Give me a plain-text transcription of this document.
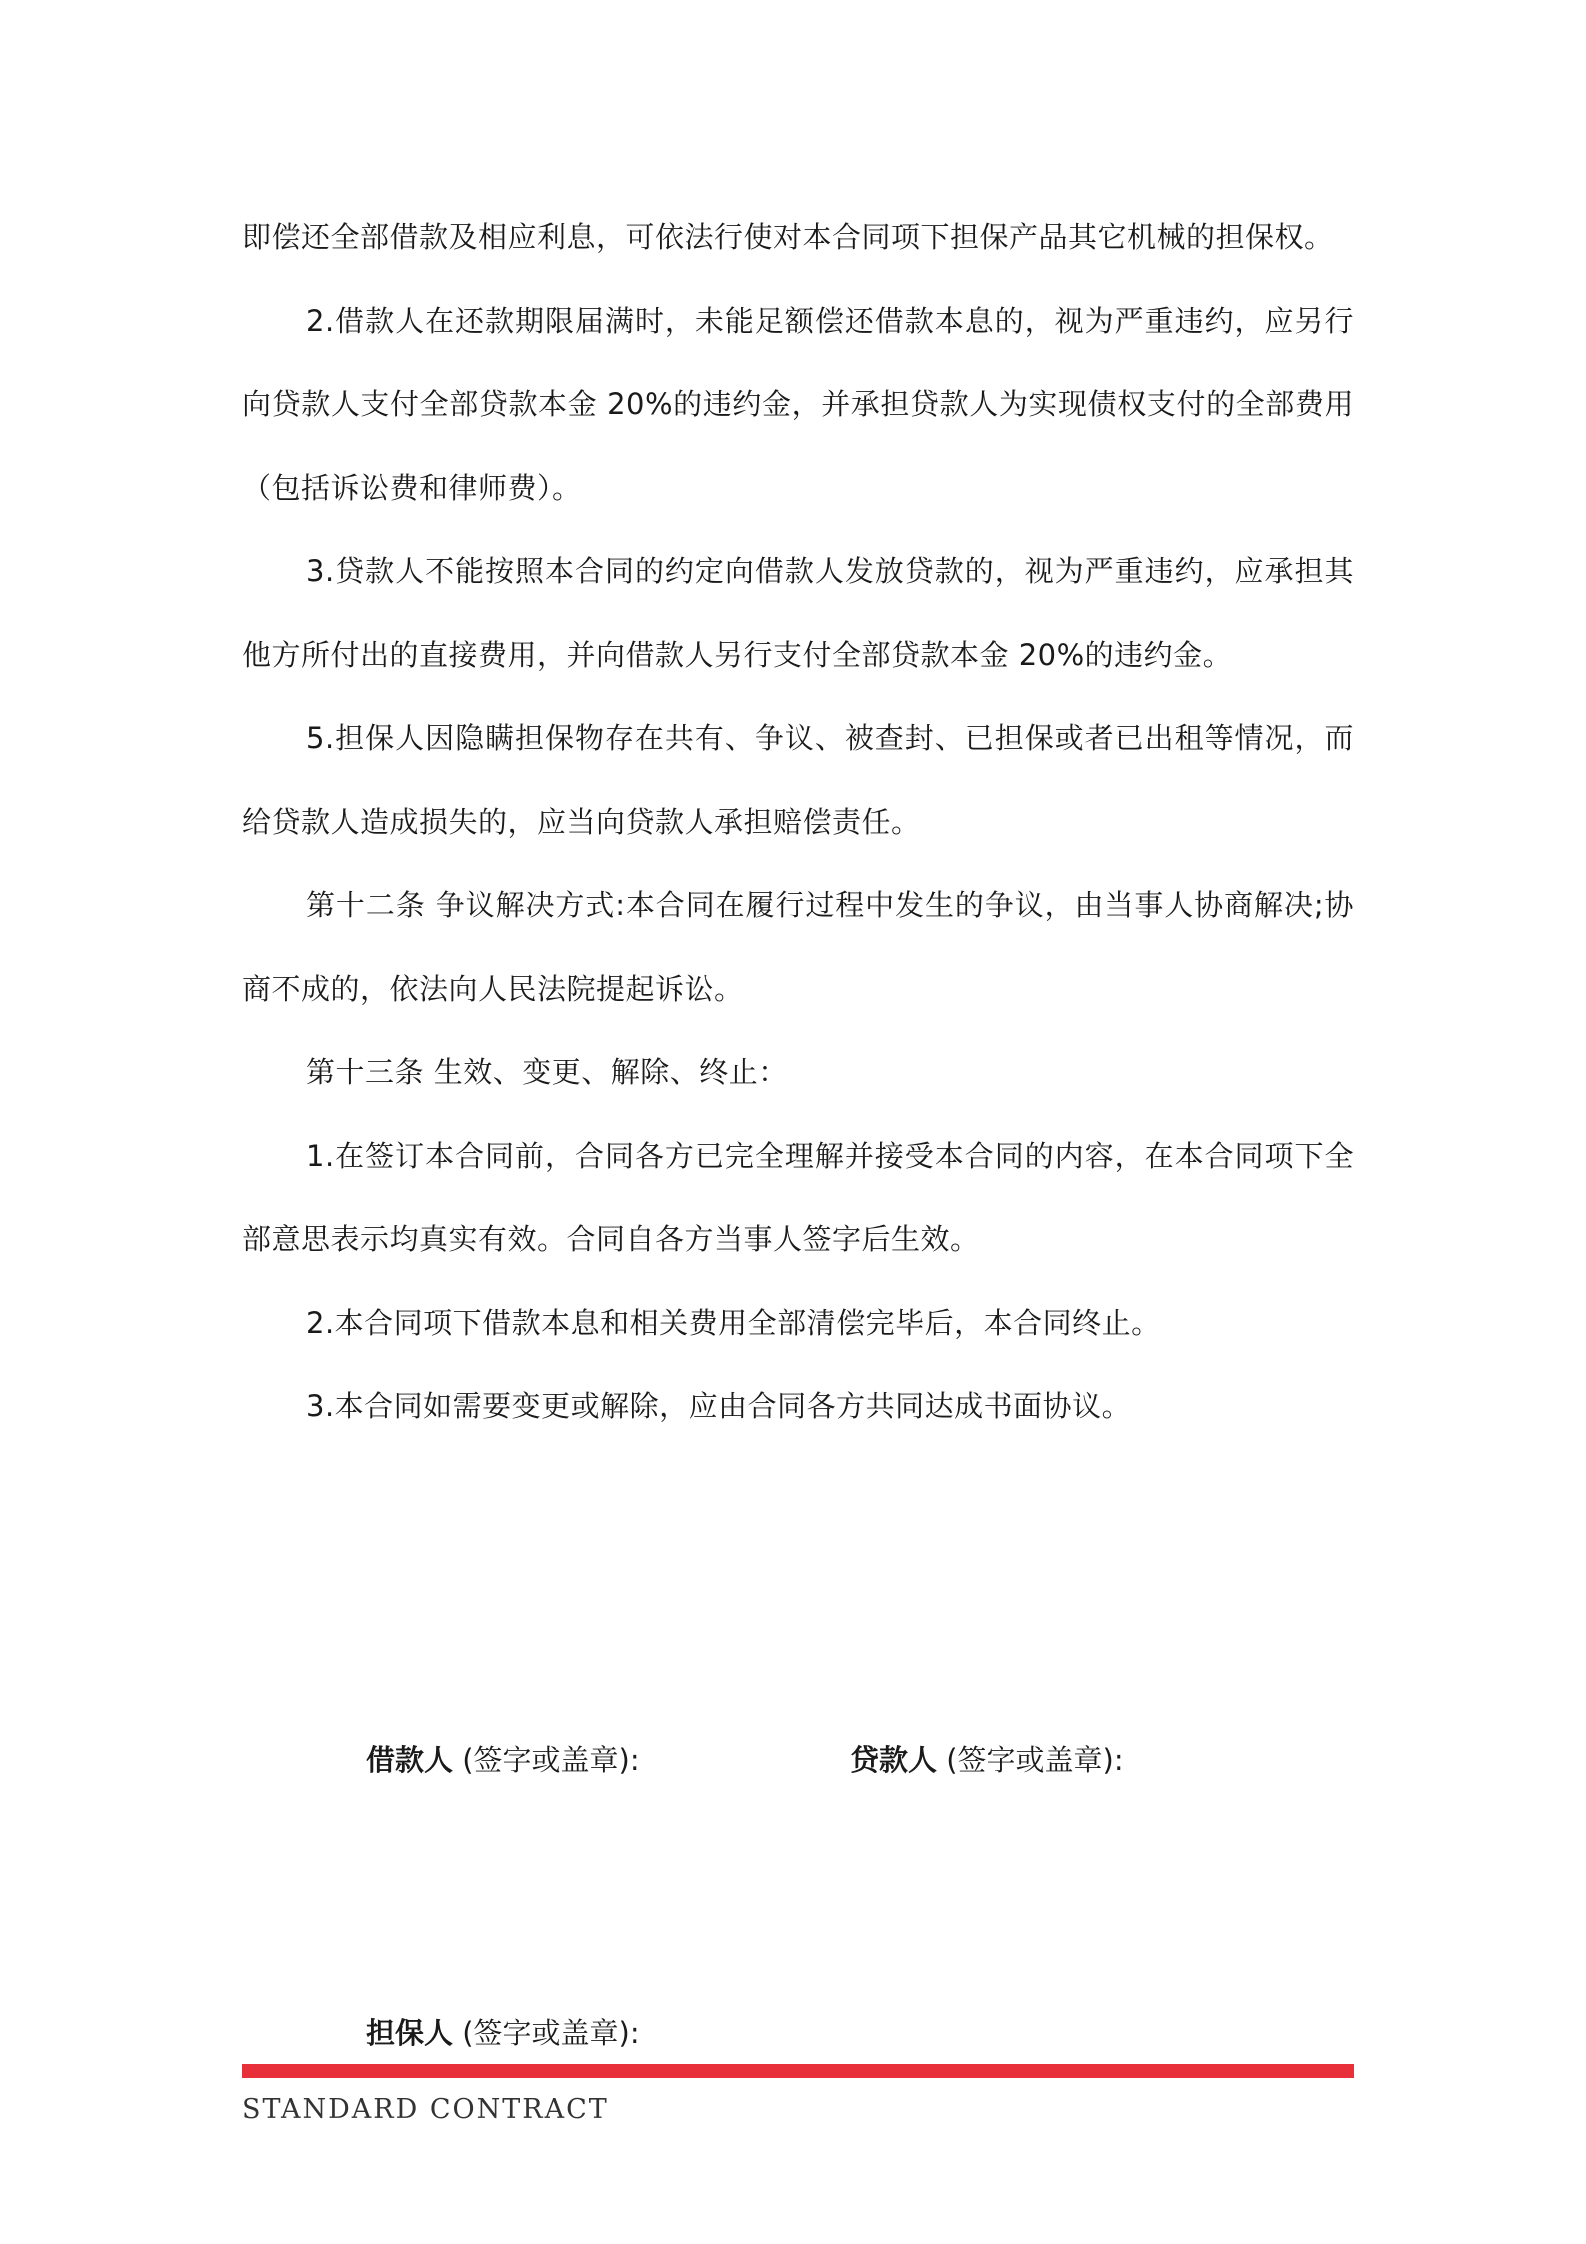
即偿还全部借款及相应利息，可依法行使对本合同项下担保产品其它机械的担保权。

2.借款人在还款期限届满时，未能足额偿还借款本息的，视为严重违约，应另行向贷款人支付全部贷款本金 20%的违约金，并承担贷款人为实现债权支付的全部费用（包括诉讼费和律师费）。

3.贷款人不能按照本合同的约定向借款人发放贷款的，视为严重违约，应承担其他方所付出的直接费用，并向借款人另行支付全部贷款本金 20%的违约金。

5.担保人因隐瞒担保物存在共有、争议、被查封、已担保或者已出租等情况，而给贷款人造成损失的，应当向贷款人承担赔偿责任。

第十二条 争议解决方式:本合同在履行过程中发生的争议，由当事人协商解决;协商不成的，依法向人民法院提起诉讼。

第十三条 生效、变更、解除、终止：

1.在签订本合同前，合同各方已完全理解并接受本合同的内容，在本合同项下全部意思表示均真实有效。合同自各方当事人签字后生效。

2.本合同项下借款本息和相关费用全部清偿完毕后，本合同终止。

3.本合同如需要变更或解除，应由合同各方共同达成书面协议。

借款人 (签字或盖章):	贷款人 (签字或盖章):
担保人 (签字或盖章):
STANDARD CONTRACT
